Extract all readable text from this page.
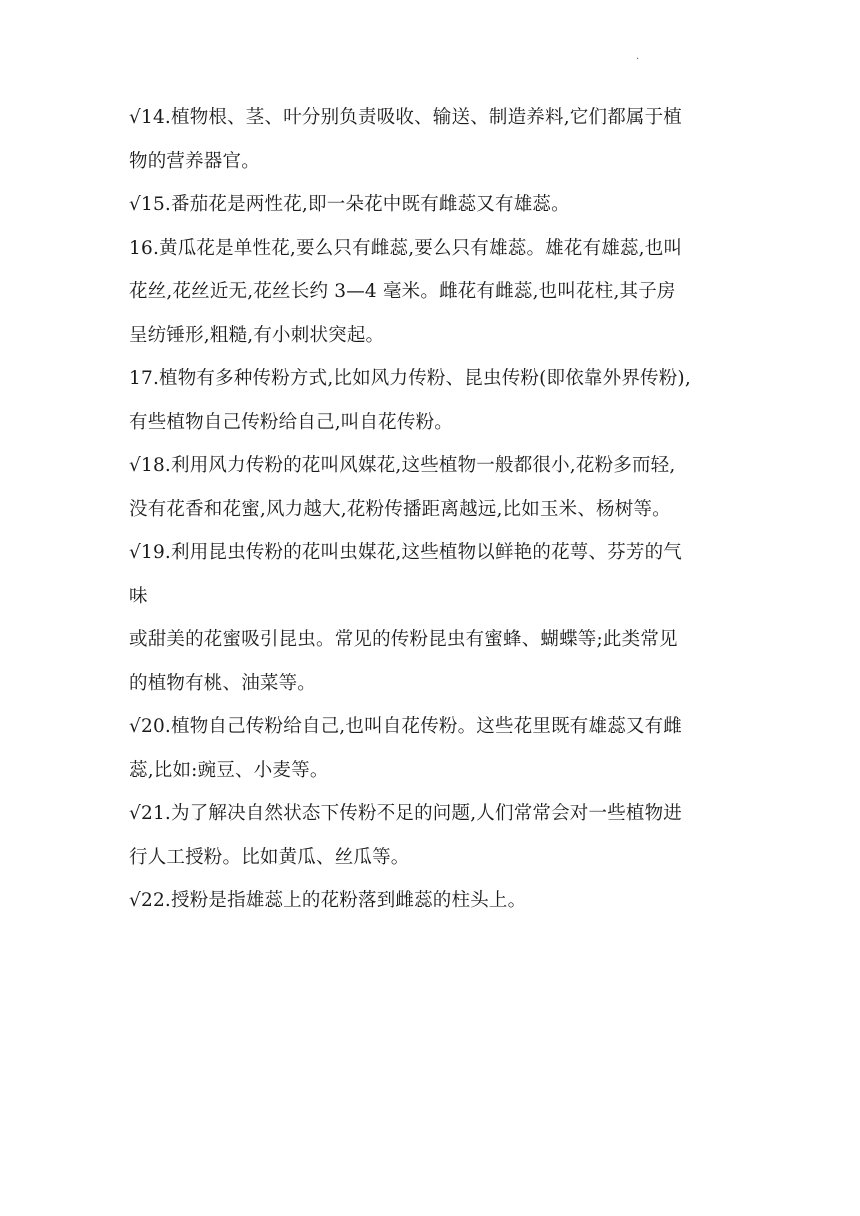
.
√14.植物根、茎、叶分别负责吸收、输送、制造养料,它们都属于植
物的营养器官。
√15.番茄花是两性花,即一朵花中既有雌蕊又有雄蕊。
16.黄瓜花是单性花,要么只有雌蕊,要么只有雄蕊。雄花有雄蕊,也叫
花丝,花丝近无,花丝长约 3—4 毫米。雌花有雌蕊,也叫花柱,其子房
呈纺锤形,粗糙,有小刺状突起。
17.植物有多种传粉方式,比如风力传粉、昆虫传粉(即依靠外界传粉),
有些植物自己传粉给自己,叫自花传粉。
√18.利用风力传粉的花叫风媒花,这些植物一般都很小,花粉多而轻,
没有花香和花蜜,风力越大,花粉传播距离越远,比如玉米、杨树等。
√19.利用昆虫传粉的花叫虫媒花,这些植物以鲜艳的花萼、芬芳的气
味
或甜美的花蜜吸引昆虫。常见的传粉昆虫有蜜蜂、蝴蝶等;此类常见
的植物有桃、油菜等。
√20.植物自己传粉给自己,也叫自花传粉。这些花里既有雄蕊又有雌
蕊,比如:豌豆、小麦等。
√21.为了解决自然状态下传粉不足的问题,人们常常会对一些植物进
行人工授粉。比如黄瓜、丝瓜等。
√22.授粉是指雄蕊上的花粉落到雌蕊的柱头上。
